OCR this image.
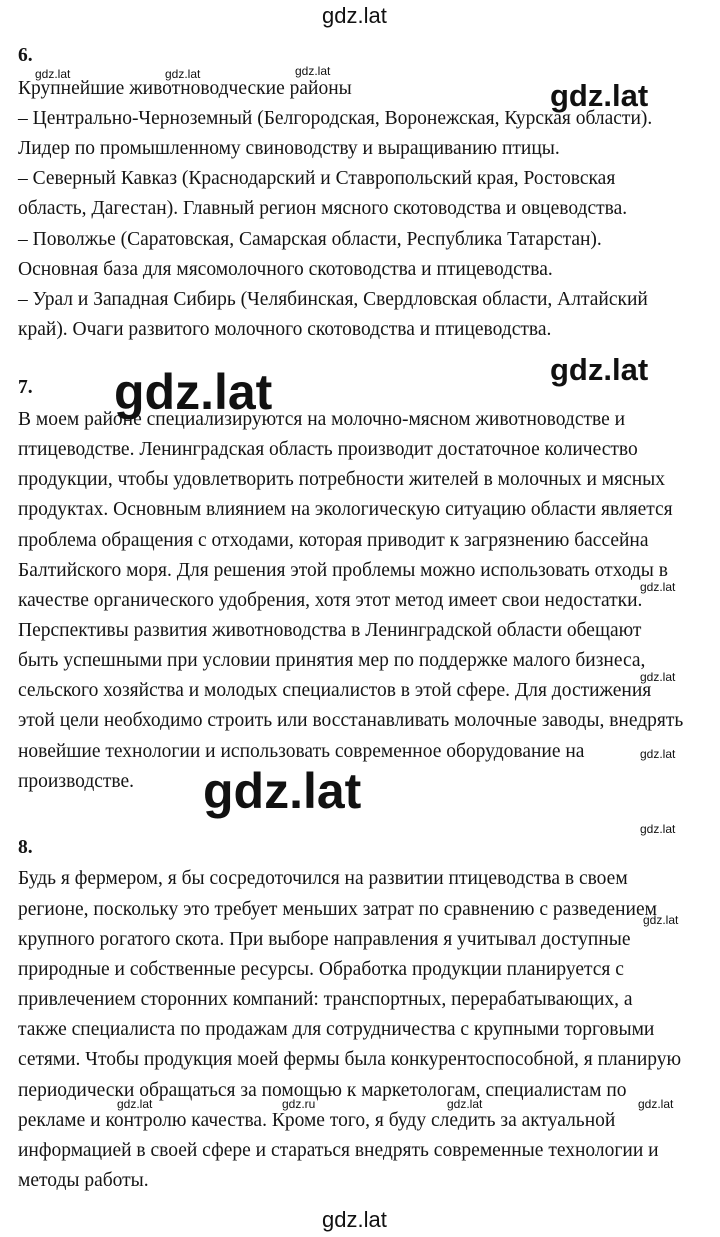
gdz.lat
gdz.lat
6.
Крупнейшие животноводческие районы
– Центрально-Черноземный (Белгородская, Воронежская, Курская области).
Лидер по промышленному свиноводству и выращиванию птицы.
– Северный Кавказ (Краснодарский и Ставропольский края, Ростовская
область, Дагестан). Главный регион мясного скотоводства и овцеводства.
– Поволжье (Саратовская, Самарская области, Республика Татарстан).
Основная база для мясомолочного скотоводства и птицеводства.
– Урал и Западная Сибирь (Челябинская, Свердловская области, Алтайский
край). Очаги развитого молочного скотоводства и птицеводства.
7.
В моем районе специализируются на молочно-мясном животноводстве и
птицеводстве. Ленинградская область производит достаточное количество
продукции, чтобы удовлетворить потребности жителей в молочных и мясных
продуктах. Основным влиянием на экологическую ситуацию области является
проблема обращения с отходами, которая приводит к загрязнению бассейна
Балтийского моря. Для решения этой проблемы можно использовать отходы в
качестве органического удобрения, хотя этот метод имеет свои недостатки.
Перспективы развития животноводства в Ленинградской области обещают
быть успешными при условии принятия мер по поддержке малого бизнеса,
сельского хозяйства и молодых специалистов в этой сфере. Для достижения
этой цели необходимо строить или восстанавливать молочные заводы, внедрять
новейшие технологии и использовать современное оборудование на
производстве.
8.
Будь я фермером, я бы сосредоточился на развитии птицеводства в своем
регионе, поскольку это требует меньших затрат по сравнению с разведением
крупного рогатого скота. При выборе направления я учитывал доступные
природные и собственные ресурсы. Обработка продукции планируется с
привлечением сторонних компаний: транспортных, перерабатывающих, а
также специалиста по продажам для сотрудничества с крупными торговыми
сетями. Чтобы продукция моей фермы была конкурентоспособной, я планирую
периодически обращаться за помощью к маркетологам, специалистам по
рекламе и контролю качества. Кроме того, я буду следить за актуальной
информацией в своей сфере и стараться внедрять современные технологии и
методы работы.
gdz.lat	gdz.lat	gdz.lat
gdz.lat
gdz.lat
gdz.lat
gdz.lat
gdz.lat
gdz.lat	gdz.ru	gdz.lat	gdz.lat
gdz.lat
gdz.lat
gdz.lat
gdz.lat
